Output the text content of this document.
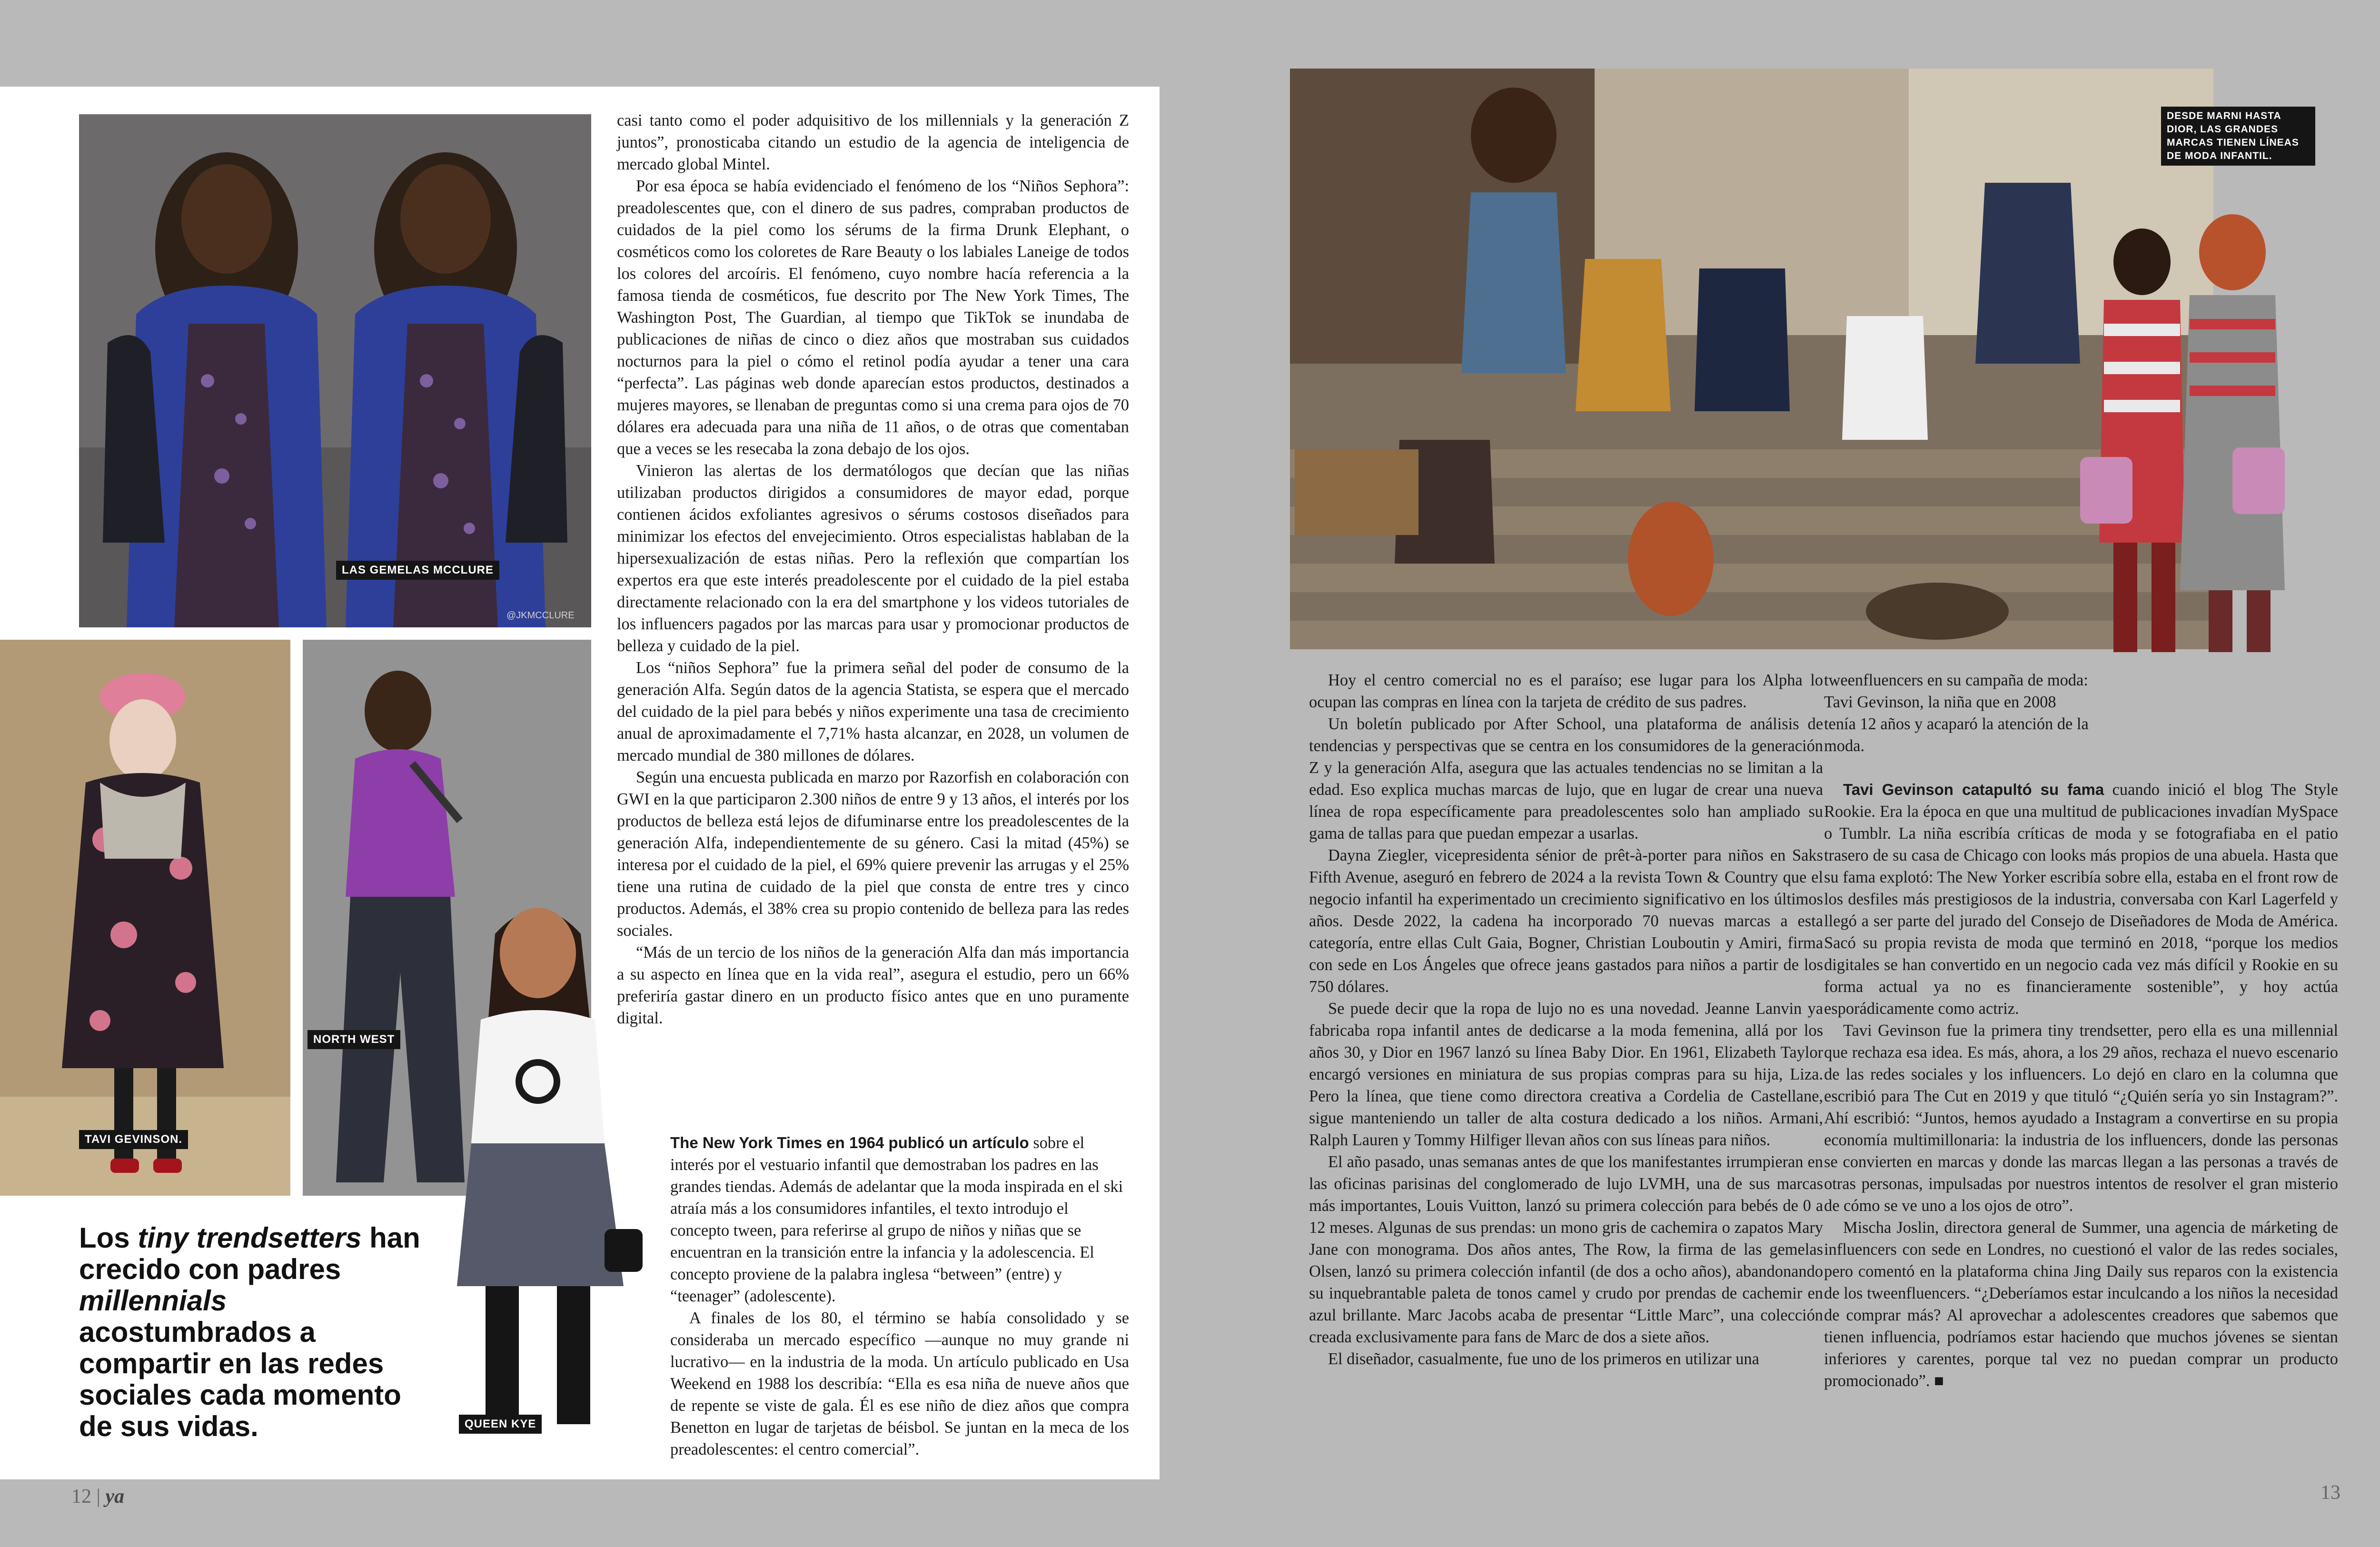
LAS GEMELAS MCCLURE
@JKMCCLURE
TAVI GEVINSON.
NORTH WEST
QUEEN KYE
Los tiny trendsetters han crecido con padres millennials acostumbrados a compartir en las redes sociales cada momento de sus vidas.

casi tanto como el poder adquisitivo de los millennials y la generación Z juntos”, pronosticaba citando un estudio de la agencia de inteligencia de mercado global Mintel.

Por esa época se había evidenciado el fenómeno de los “Niños Sephora”: preadolescentes que, con el dinero de sus padres, compraban productos de cuidados de la piel como los sérums de la firma Drunk Elephant, o cosméticos como los coloretes de Rare Beauty o los labiales Laneige de todos los colores del arcoíris. El fenómeno, cuyo nombre hacía referencia a la famosa tienda de cosméticos, fue descrito por The New York Times, The Washington Post, The Guardian, al tiempo que TikTok se inundaba de publicaciones de niñas de cinco o diez años que mostraban sus cuidados nocturnos para la piel o cómo el retinol podía ayudar a tener una cara “perfecta”. Las páginas web donde aparecían estos productos, destinados a mujeres mayores, se llenaban de preguntas como si una crema para ojos de 70 dólares era adecuada para una niña de 11 años, o de otras que comentaban que a veces se les resecaba la zona debajo de los ojos.

Vinieron las alertas de los dermatólogos que decían que las niñas utilizaban productos dirigidos a consumidores de mayor edad, porque contienen ácidos exfoliantes agresivos o sérums costosos diseñados para minimizar los efectos del envejecimiento. Otros especialistas hablaban de la hipersexualización de estas niñas. Pero la reflexión que compartían los expertos era que este interés preadolescente por el cuidado de la piel estaba directamente relacionado con la era del smartphone y los videos tutoriales de los influencers pagados por las marcas para usar y promocionar productos de belleza y cuidado de la piel.

Los “niños Sephora” fue la primera señal del poder de consumo de la generación Alfa. Según datos de la agencia Statista, se espera que el mercado del cuidado de la piel para bebés y niños experimente una tasa de crecimiento anual de aproximadamente el 7,71% hasta alcanzar, en 2028, un volumen de mercado mundial de 380 millones de dólares.

Según una encuesta publicada en marzo por Razorfish en colaboración con GWI en la que participaron 2.300 niños de entre 9 y 13 años, el interés por los productos de belleza está lejos de difuminarse entre los preadolescentes de la generación Alfa, independientemente de su género. Casi la mitad (45%) se interesa por el cuidado de la piel, el 69% quiere prevenir las arrugas y el 25% tiene una rutina de cuidado de la piel que consta de entre tres y cinco productos. Además, el 38% crea su propio contenido de belleza para las redes sociales.

“Más de un tercio de los niños de la generación Alfa dan más importancia a su aspecto en línea que en la vida real”, asegura el estudio, pero un 66% preferiría gastar dinero en un producto físico antes que en uno puramente digital.

The New York Times en 1964 publicó un artículo sobre el interés por el vestuario infantil que demostraban los padres en las grandes tiendas. Además de adelantar que la moda inspirada en el ski atraía más a los consumidores infantiles, el texto introdujo el concepto tween, para referirse al grupo de niños y niñas que se encuentran en la transición entre la infancia y la adolescencia. El concepto proviene de la palabra inglesa “between” (entre) y “teenager” (adolescente).

A finales de los 80, el término se había consolidado y se consideraba un mercado específico —aunque no muy grande ni lucrativo— en la industria de la moda. Un artículo publicado en Usa Weekend en 1988 los describía: “Ella es esa niña de nueve años que de repente se viste de gala. Él es ese niño de diez años que compra Benetton en lugar de tarjetas de béisbol. Se juntan en la meca de los preadolescentes: el centro comercial”.

12 | ya
DESDE MARNI HASTA DIOR, LAS GRANDES MARCAS TIENEN LÍNEAS DE MODA INFANTIL.

Hoy el centro comercial no es el paraíso; ese lugar para los Alpha lo ocupan las compras en línea con la tarjeta de crédito de sus padres.

Un boletín publicado por After School, una plataforma de análisis de tendencias y perspectivas que se centra en los consumidores de la generación Z y la generación Alfa, asegura que las actuales tendencias no se limitan a la edad. Eso explica muchas marcas de lujo, que en lugar de crear una nueva línea de ropa específicamente para preadolescentes solo han ampliado su gama de tallas para que puedan empezar a usarlas.

Dayna Ziegler, vicepresidenta sénior de prêt-à-porter para niños en Saks Fifth Avenue, aseguró en febrero de 2024 a la revista Town & Country que el negocio infantil ha experimentado un crecimiento significativo en los últimos años. Desde 2022, la cadena ha incorporado 70 nuevas marcas a esta categoría, entre ellas Cult Gaia, Bogner, Christian Louboutin y Amiri, firma con sede en Los Ángeles que ofrece jeans gastados para niños a partir de los 750 dólares.

Se puede decir que la ropa de lujo no es una novedad. Jeanne Lanvin ya fabricaba ropa infantil antes de dedicarse a la moda femenina, allá por los años 30, y Dior en 1967 lanzó su línea Baby Dior. En 1961, Elizabeth Taylor encargó versiones en miniatura de sus propias compras para su hija, Liza. Pero la línea, que tiene como directora creativa a Cordelia de Castellane, sigue manteniendo un taller de alta costura dedicado a los niños. Armani, Ralph Lauren y Tommy Hilfiger llevan años con sus líneas para niños.

El año pasado, unas semanas antes de que los manifestantes irrumpieran en las oficinas parisinas del conglomerado de lujo LVMH, una de sus marcas más importantes, Louis Vuitton, lanzó su primera colección para bebés de 0 a 12 meses. Algunas de sus prendas: un mono gris de cachemira o zapatos Mary Jane con monograma. Dos años antes, The Row, la firma de las gemelas Olsen, lanzó su primera colección infantil (de dos a ocho años), abandonando su inquebrantable paleta de tonos camel y crudo por prendas de cachemir en azul brillante. Marc Jacobs acaba de presentar “Little Marc”, una colección creada exclusivamente para fans de Marc de dos a siete años.

El diseñador, casualmente, fue uno de los primeros en utilizar una

tweenfluencers en su campaña de moda: Tavi Gevinson, la niña que en 2008 tenía 12 años y acaparó la atención de la moda.

Tavi Gevinson catapultó su fama cuando inició el blog The Style Rookie. Era la época en que una multitud de publicaciones invadían MySpace o Tumblr. La niña escribía críticas de moda y se fotografiaba en el patio trasero de su casa de Chicago con looks más propios de una abuela. Hasta que su fama explotó: The New Yorker escribía sobre ella, estaba en el front row de los desfiles más prestigiosos de la industria, conversaba con Karl Lagerfeld y llegó a ser parte del jurado del Consejo de Diseñadores de Moda de América. Sacó su propia revista de moda que terminó en 2018, “porque los medios digitales se han convertido en un negocio cada vez más difícil y Rookie en su forma actual ya no es financieramente sostenible”, y hoy actúa esporádicamente como actriz.

Tavi Gevinson fue la primera tiny trendsetter, pero ella es una millennial que rechaza esa idea. Es más, ahora, a los 29 años, rechaza el nuevo escenario de las redes sociales y los influencers. Lo dejó en claro en la columna que escribió para The Cut en 2019 y que tituló “¿Quién sería yo sin Instagram?”. Ahí escribió: “Juntos, hemos ayudado a Instagram a convertirse en su propia economía multimillonaria: la industria de los influencers, donde las personas se convierten en marcas y donde las marcas llegan a las personas a través de otras personas, impulsadas por nuestros intentos de resolver el gran misterio de cómo se ve uno a los ojos de otro”.

Mischa Joslin, directora general de Summer, una agencia de márketing de influencers con sede en Londres, no cuestionó el valor de las redes sociales, pero comentó en la plataforma china Jing Daily sus reparos con la existencia de los tweenfluencers. “¿Deberíamos estar inculcando a los niños la necesidad de comprar más? Al aprovechar a adolescentes creadores que sabemos que tienen influencia, podríamos estar haciendo que muchos jóvenes se sientan inferiores y carentes, porque tal vez no puedan comprar un producto promocionado”. ■

13
